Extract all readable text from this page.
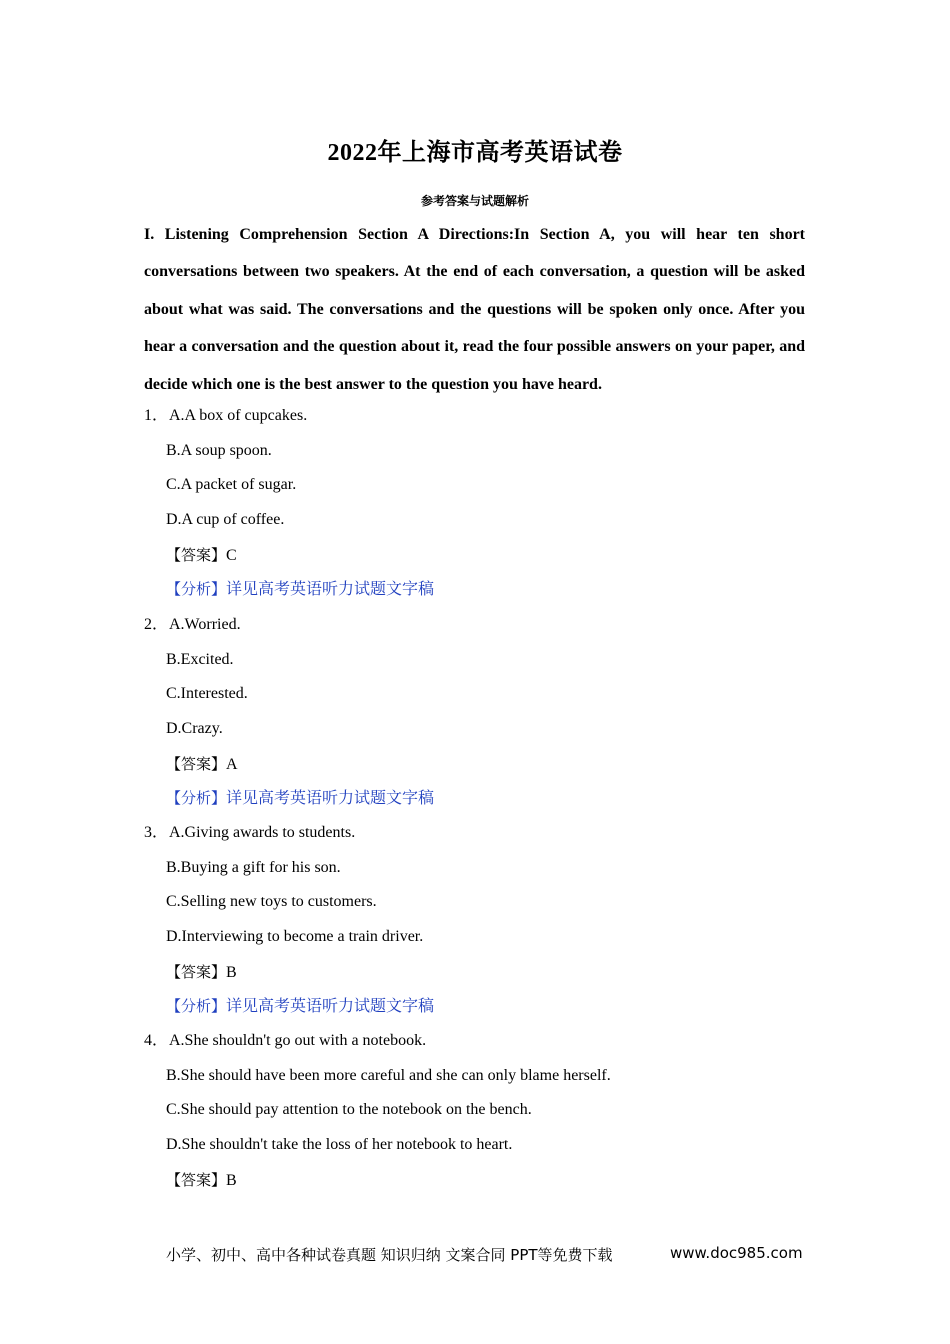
2022年上海市高考英语试卷
参考答案与试题解析
I. Listening Comprehension Section A Directions:In Section A, you will hear ten short conversations between two speakers. At the end of each conversation, a question will be asked about what was said. The conversations and the questions will be spoken only once. After you hear a conversation and the question about it, read the four possible answers on your paper, and decide which one is the best answer to the question you have heard.
1．A.A box of cupcakes.
B.A soup spoon.
C.A packet of sugar.
D.A cup of coffee.
【答案】C
【分析】详见高考英语听力试题文字稿
2．A.Worried.
B.Excited.
C.Interested.
D.Crazy.
【答案】A
【分析】详见高考英语听力试题文字稿
3．A.Giving awards to students.
B.Buying a gift for his son.
C.Selling new toys to customers.
D.Interviewing to become a train driver.
【答案】B
【分析】详见高考英语听力试题文字稿
4．A.She shouldn't go out with a notebook.
B.She should have been more careful and she can only blame herself.
C.She should pay attention to the notebook on the bench.
D.She shouldn't take the loss of her notebook to heart.
【答案】B
小学、初中、高中各种试卷真题 知识归纳 文案合同 PPT等免费下载	www.doc985.com
